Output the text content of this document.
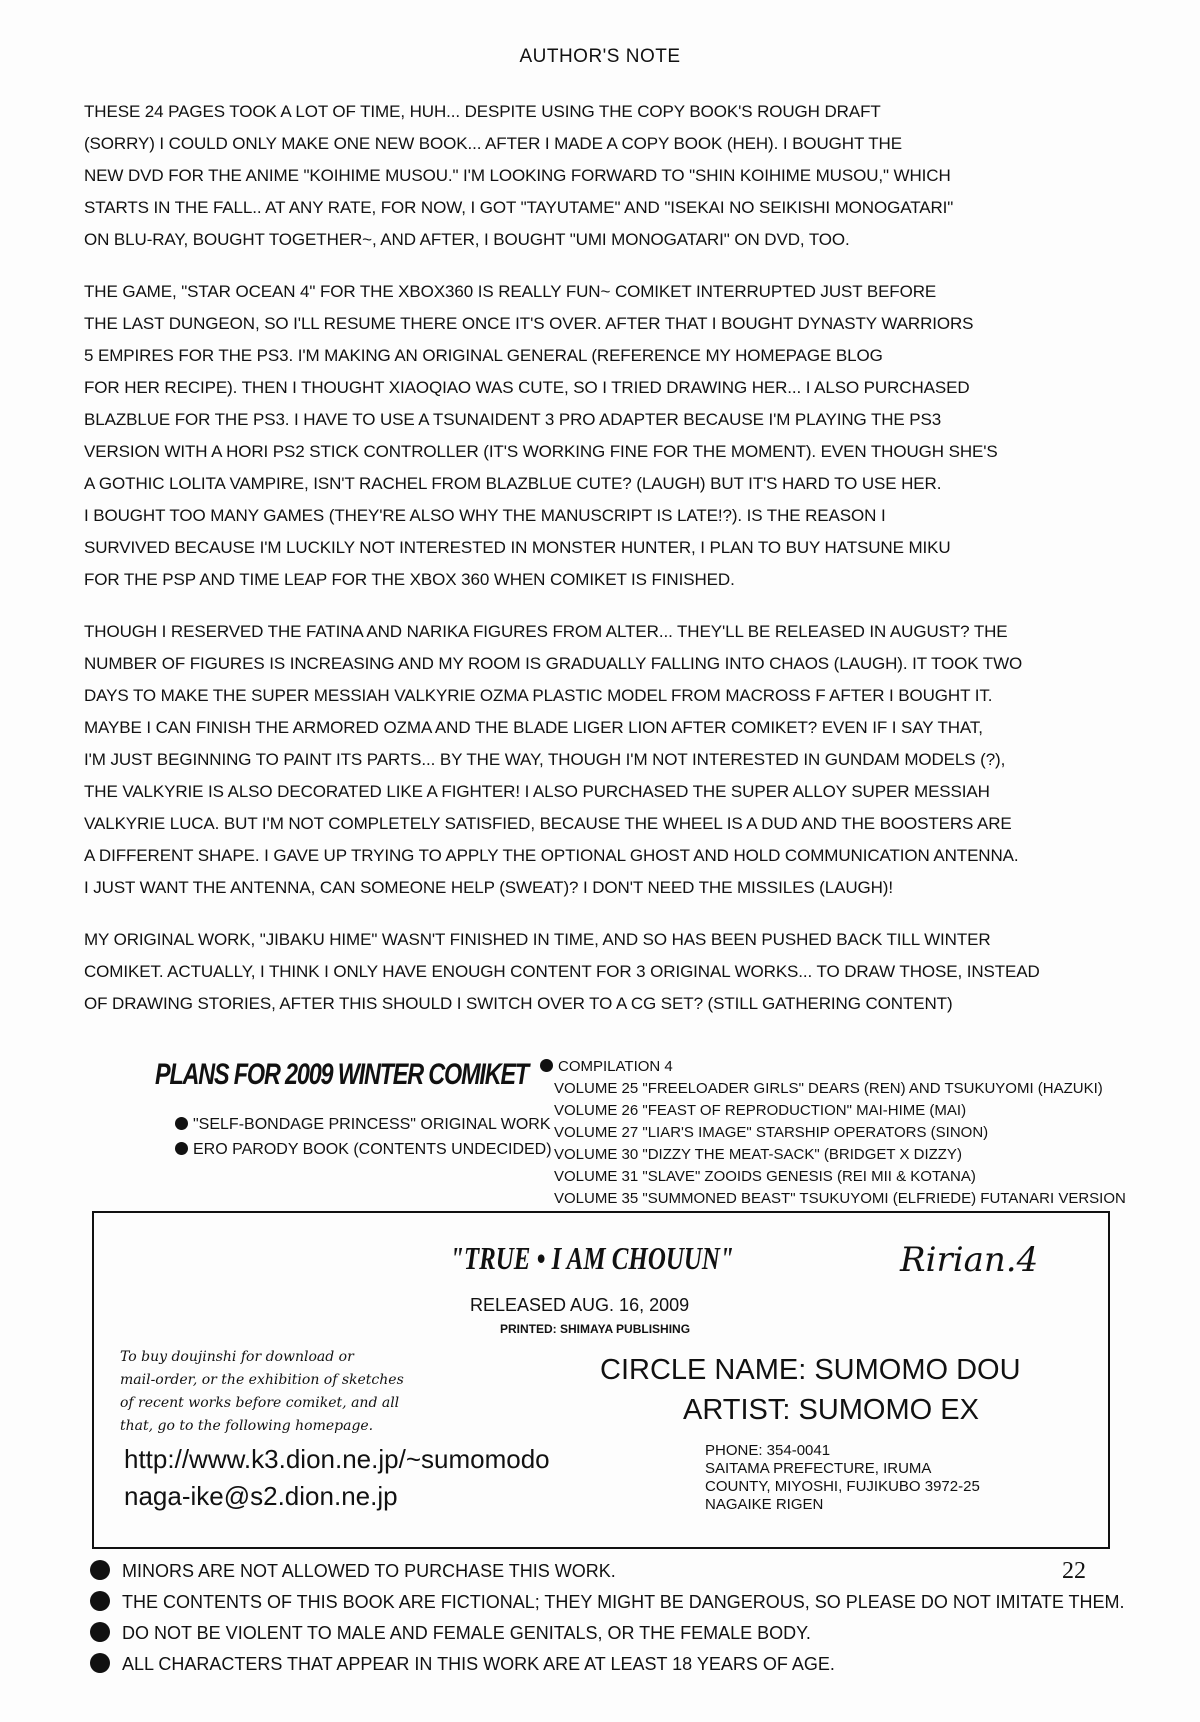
AUTHOR'S NOTE
THESE 24 PAGES TOOK A LOT OF TIME, HUH... DESPITE USING THE COPY BOOK'S ROUGH DRAFT
(SORRY) I COULD ONLY MAKE ONE NEW BOOK... AFTER I MADE A COPY BOOK (HEH). I BOUGHT THE
NEW DVD FOR THE ANIME "KOIHIME MUSOU." I'M LOOKING FORWARD TO "SHIN KOIHIME MUSOU," WHICH
STARTS IN THE FALL.. AT ANY RATE, FOR NOW, I GOT "TAYUTAME" AND "ISEKAI NO SEIKISHI MONOGATARI"
ON BLU-RAY, BOUGHT TOGETHER~, AND AFTER, I BOUGHT "UMI MONOGATARI" ON DVD, TOO.
THE GAME, "STAR OCEAN 4" FOR THE XBOX360 IS REALLY FUN~ COMIKET INTERRUPTED JUST BEFORE
THE LAST DUNGEON, SO I'LL RESUME THERE ONCE IT'S OVER. AFTER THAT I BOUGHT DYNASTY WARRIORS
5 EMPIRES FOR THE PS3. I'M MAKING AN ORIGINAL GENERAL (REFERENCE MY HOMEPAGE BLOG
FOR HER RECIPE). THEN I THOUGHT XIAOQIAO WAS CUTE, SO I TRIED DRAWING HER... I ALSO PURCHASED
BLAZBLUE FOR THE PS3. I HAVE TO USE A TSUNAIDENT 3 PRO ADAPTER BECAUSE I'M PLAYING THE PS3
VERSION WITH A HORI PS2 STICK CONTROLLER (IT'S WORKING FINE FOR THE MOMENT). EVEN THOUGH SHE'S
A GOTHIC LOLITA VAMPIRE, ISN'T RACHEL FROM BLAZBLUE CUTE? (LAUGH) BUT IT'S HARD TO USE HER.
I BOUGHT TOO MANY GAMES (THEY'RE ALSO WHY THE MANUSCRIPT IS LATE!?). IS THE REASON I
SURVIVED BECAUSE I'M LUCKILY NOT INTERESTED IN MONSTER HUNTER, I PLAN TO BUY HATSUNE MIKU
FOR THE PSP AND TIME LEAP FOR THE XBOX 360 WHEN COMIKET IS FINISHED.
THOUGH I RESERVED THE FATINA AND NARIKA FIGURES FROM ALTER... THEY'LL BE RELEASED IN AUGUST? THE
NUMBER OF FIGURES IS INCREASING AND MY ROOM IS GRADUALLY FALLING INTO CHAOS (LAUGH). IT TOOK TWO
DAYS TO MAKE THE SUPER MESSIAH VALKYRIE OZMA PLASTIC MODEL FROM MACROSS F AFTER I BOUGHT IT.
MAYBE I CAN FINISH THE ARMORED OZMA AND THE BLADE LIGER LION AFTER COMIKET? EVEN IF I SAY THAT,
I'M JUST BEGINNING TO PAINT ITS PARTS... BY THE WAY, THOUGH I'M NOT INTERESTED IN GUNDAM MODELS (?),
THE VALKYRIE IS ALSO DECORATED LIKE A FIGHTER! I ALSO PURCHASED THE SUPER ALLOY SUPER MESSIAH
VALKYRIE LUCA. BUT I'M NOT COMPLETELY SATISFIED, BECAUSE THE WHEEL IS A DUD AND THE BOOSTERS ARE
A DIFFERENT SHAPE. I GAVE UP TRYING TO APPLY THE OPTIONAL GHOST AND HOLD COMMUNICATION ANTENNA.
I JUST WANT THE ANTENNA, CAN SOMEONE HELP (SWEAT)? I DON'T NEED THE MISSILES (LAUGH)!
MY ORIGINAL WORK, "JIBAKU HIME" WASN'T FINISHED IN TIME, AND SO HAS BEEN PUSHED BACK TILL WINTER
COMIKET. ACTUALLY, I THINK I ONLY HAVE ENOUGH CONTENT FOR 3 ORIGINAL WORKS... TO DRAW THOSE, INSTEAD
OF DRAWING STORIES, AFTER THIS SHOULD I SWITCH OVER TO A CG SET? (STILL GATHERING CONTENT)
PLANS FOR 2009 WINTER COMIKET
"SELF-BONDAGE PRINCESS" ORIGINAL WORK
ERO PARODY BOOK (CONTENTS UNDECIDED)
COMPILATION 4
VOLUME 25 "FREELOADER GIRLS" DEARS (REN) AND TSUKUYOMI (HAZUKI)
VOLUME 26 "FEAST OF REPRODUCTION" MAI-HIME (MAI)
VOLUME 27 "LIAR'S IMAGE" STARSHIP OPERATORS (SINON)
VOLUME 30 "DIZZY THE MEAT-SACK" (BRIDGET X DIZZY)
VOLUME 31 "SLAVE" ZOOIDS GENESIS (REI MII & KOTANA)
VOLUME 35 "SUMMONED BEAST" TSUKUYOMI (ELFRIEDE) FUTANARI VERSION
"TRUE • I AM CHOUUN"	Ririan.4
RELEASED AUG. 16, 2009
PRINTED: SHIMAYA PUBLISHING
To buy doujinshi for download or
mail-order, or the exhibition of sketches
of recent works before comiket, and all
that, go to the following homepage.
CIRCLE NAME: SUMOMO DOU
ARTIST: SUMOMO EX
http://www.k3.dion.ne.jp/~sumomodo
naga-ike@s2.dion.ne.jp
PHONE: 354-0041
SAITAMA PREFECTURE, IRUMA
COUNTY, MIYOSHI, FUJIKUBO 3972-25
NAGAIKE RIGEN
22
MINORS ARE NOT ALLOWED TO PURCHASE THIS WORK.
THE CONTENTS OF THIS BOOK ARE FICTIONAL; THEY MIGHT BE DANGEROUS, SO PLEASE DO NOT IMITATE THEM.
DO NOT BE VIOLENT TO MALE AND FEMALE GENITALS, OR THE FEMALE BODY.
ALL CHARACTERS THAT APPEAR IN THIS WORK ARE AT LEAST 18 YEARS OF AGE.
